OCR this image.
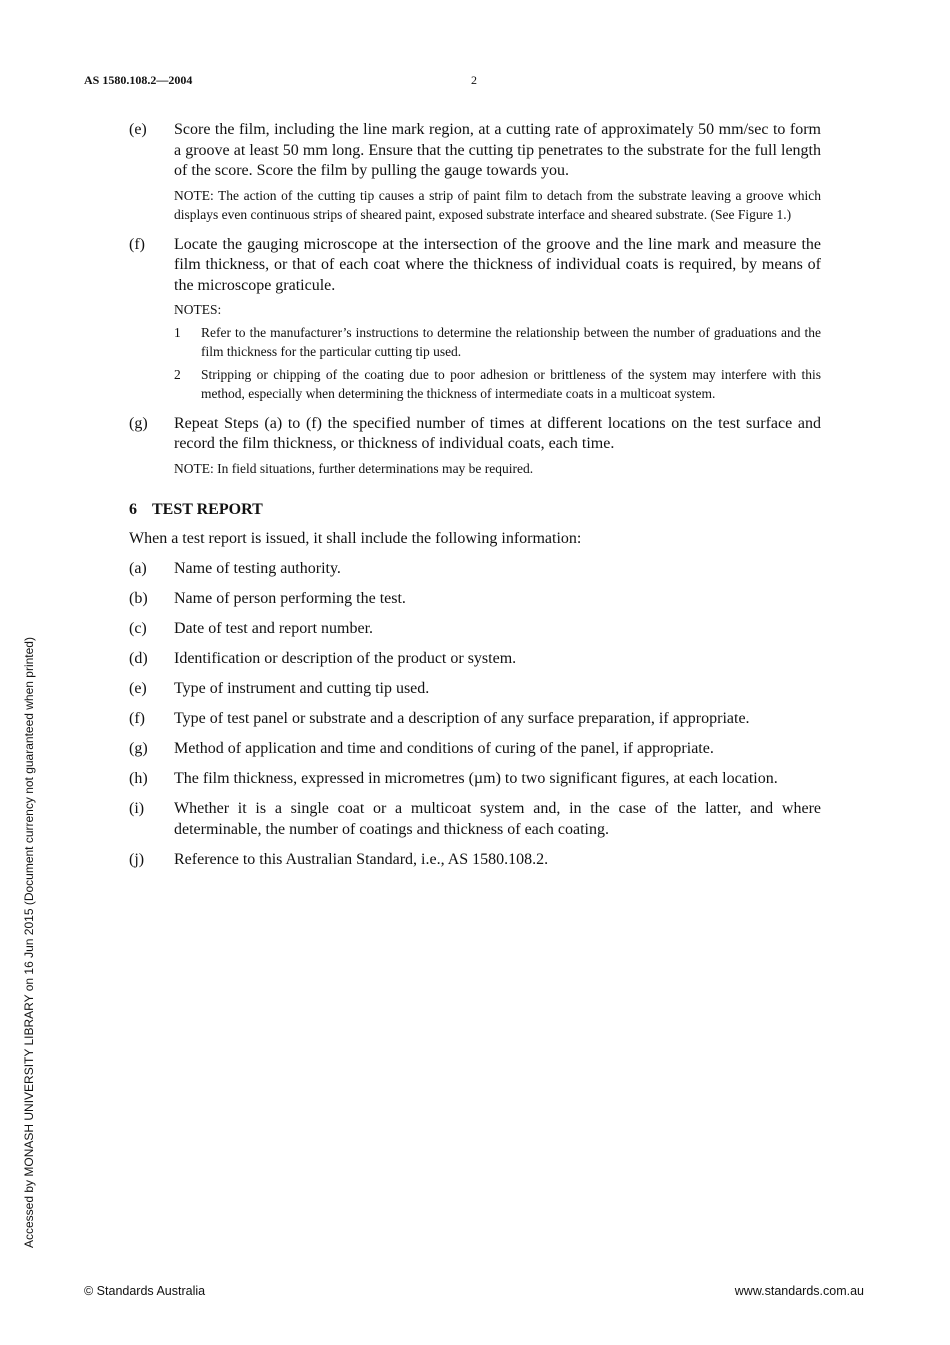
AS 1580.108.2—2004	2
Accessed by MONASH UNIVERSITY LIBRARY on 16 Jun 2015 (Document currency not guaranteed when printed)
(e)	Score the film, including the line mark region, at a cutting rate of approximately 50 mm/sec to form a groove at least 50 mm long. Ensure that the cutting tip penetrates to the substrate for the full length of the score. Score the film by pulling the gauge towards you.
NOTE: The action of the cutting tip causes a strip of paint film to detach from the substrate leaving a groove which displays even continuous strips of sheared paint, exposed substrate interface and sheared substrate. (See Figure 1.)
(f)	Locate the gauging microscope at the intersection of the groove and the line mark and measure the film thickness, or that of each coat where the thickness of individual coats is required, by means of the microscope graticule.
NOTES:
1	Refer to the manufacturer’s instructions to determine the relationship between the number of graduations and the film thickness for the particular cutting tip used.
2	Stripping or chipping of the coating due to poor adhesion or brittleness of the system may interfere with this method, especially when determining the thickness of intermediate coats in a multicoat system.
(g)	Repeat Steps (a) to (f) the specified number of times at different locations on the test surface and record the film thickness, or thickness of individual coats, each time.
NOTE: In field situations, further determinations may be required.
6 TEST REPORT
When a test report is issued, it shall include the following information:
(a)	Name of testing authority.
(b)	Name of person performing the test.
(c)	Date of test and report number.
(d)	Identification or description of the product or system.
(e)	Type of instrument and cutting tip used.
(f)	Type of test panel or substrate and a description of any surface preparation, if appropriate.
(g)	Method of application and time and conditions of curing of the panel, if appropriate.
(h)	The film thickness, expressed in micrometres (µm) to two significant figures, at each location.
(i)	Whether it is a single coat or a multicoat system and, in the case of the latter, and where determinable, the number of coatings and thickness of each coating.
(j)	Reference to this Australian Standard, i.e., AS 1580.108.2.
© Standards Australia	www.standards.com.au
